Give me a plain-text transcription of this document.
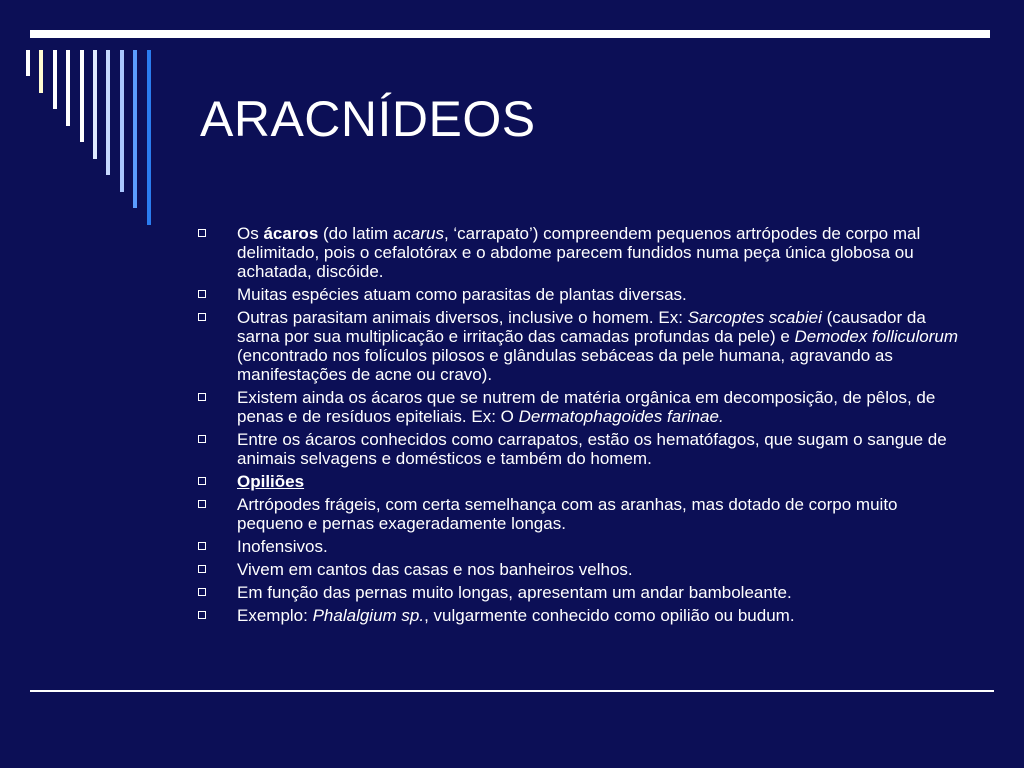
ARACNÍDEOS
Os ácaros (do latim acarus, ‘carrapato’) compreendem pequenos artrópodes de corpo mal delimitado, pois o cefalotórax e o abdome parecem fundidos numa peça única globosa ou achatada, discóide.
Muitas espécies atuam como parasitas de plantas diversas.
Outras parasitam animais diversos, inclusive o homem. Ex: Sarcoptes scabiei (causador da sarna por sua multiplicação e irritação das camadas profundas da pele) e Demodex folliculorum (encontrado nos folículos pilosos e glândulas sebáceas da pele humana, agravando as manifestações de acne ou cravo).
Existem ainda os ácaros que se nutrem de matéria orgânica em decomposição, de pêlos, de penas e de resíduos epiteliais. Ex: O Dermatophagoides farinae.
Entre os ácaros conhecidos como carrapatos, estão os hematófagos, que sugam o sangue de animais selvagens e domésticos e também do homem.
Opiliões
Artrópodes frágeis, com certa semelhança com as aranhas, mas dotado de corpo muito pequeno e pernas exageradamente longas.
Inofensivos.
Vivem em cantos das casas e nos banheiros velhos.
Em função das pernas muito longas, apresentam um andar bamboleante.
Exemplo: Phalalgium sp., vulgarmente conhecido como opilião ou budum.
